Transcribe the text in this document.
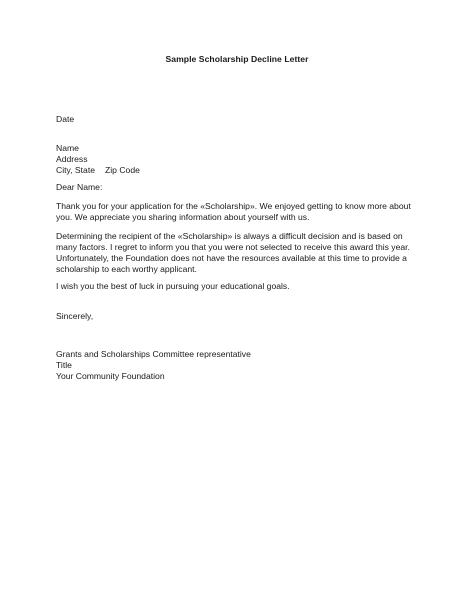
Sample Scholarship Decline Letter
Date
Name
Address
City, State Zip Code
Dear Name:
Thank you for your application for the «Scholarship». We enjoyed getting to know more about
you. We appreciate you sharing information about yourself with us.
Determining the recipient of the «Scholarship» is always a difficult decision and is based on
many factors. I regret to inform you that you were not selected to receive this award this year.
Unfortunately, the Foundation does not have the resources available at this time to provide a
scholarship to each worthy applicant.
I wish you the best of luck in pursuing your educational goals.
Sincerely,
Grants and Scholarships Committee representative
Title
Your Community Foundation
